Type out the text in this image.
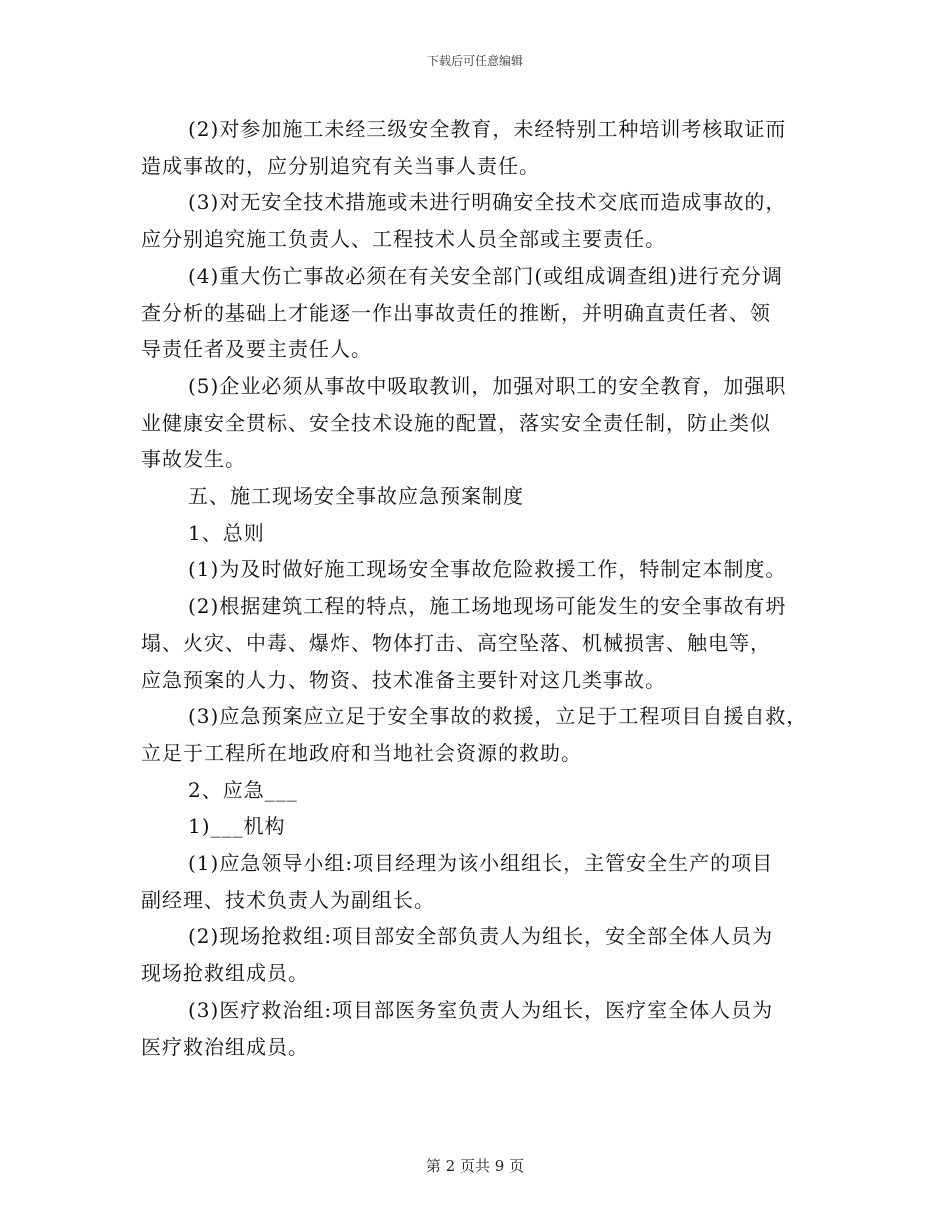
下载后可任意编辑

(2)对参加施工未经三级安全教育，未经特别工种培训考核取证而
造成事故的，应分别追究有关当事人责任。

(3)对无安全技术措施或未进行明确安全技术交底而造成事故的，
应分别追究施工负责人、工程技术人员全部或主要责任。

(4)重大伤亡事故必须在有关安全部门(或组成调查组)进行充分调
查分析的基础上才能逐一作出事故责任的推断，并明确直责任者、领
导责任者及要主责任人。

(5)企业必须从事故中吸取教训，加强对职工的安全教育，加强职
业健康安全贯标、安全技术设施的配置，落实安全责任制，防止类似
事故发生。

五、施工现场安全事故应急预案制度

1、总则

(1)为及时做好施工现场安全事故危险救援工作，特制定本制度。

(2)根据建筑工程的特点，施工场地现场可能发生的安全事故有坍
塌、火灾、中毒、爆炸、物体打击、高空坠落、机械损害、触电等，
应急预案的人力、物资、技术准备主要针对这几类事故。

(3)应急预案应立足于安全事故的救援，立足于工程项目自援自救，
立足于工程所在地政府和当地社会资源的救助。

2、应急___

1)___机构

(1)应急领导小组:项目经理为该小组组长，主管安全生产的项目
副经理、技术负责人为副组长。

(2)现场抢救组:项目部安全部负责人为组长，安全部全体人员为
现场抢救组成员。

(3)医疗救治组:项目部医务室负责人为组长，医疗室全体人员为
医疗救治组成员。

第 2 页共 9 页
